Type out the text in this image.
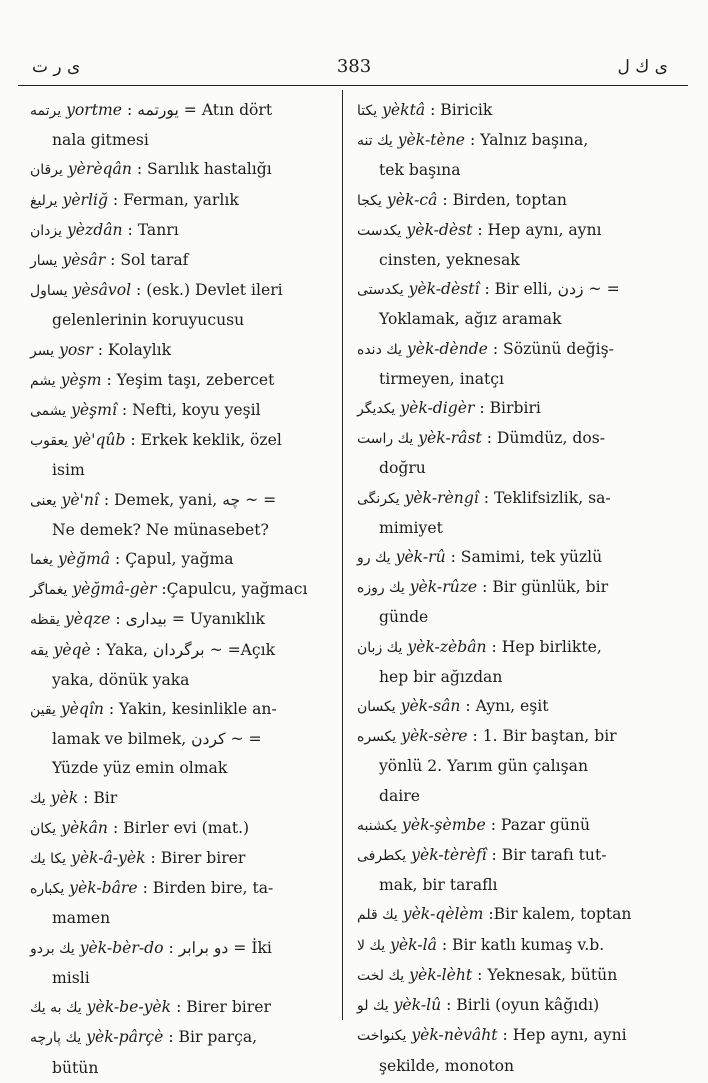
ی ر ت	383	ی ك ل
يرتمه yortme : يورتمه = Atın dört
nala gitmesi
يرقان yèrèqân : Sarılık hastalığı
يرليغ yèrliğ : Ferman, yarlık
يزدان yèzdân : Tanrı
يسار yèsâr : Sol taraf
يساول yèsâvol : (esk.) Devlet ileri
gelenlerinin koruyucusu
يسر yosr : Kolaylık
يشم yèşm : Yeşim taşı, zebercet
يشمى yèşmî : Nefti, koyu yeşil
يعقوب yè'qûb : Erkek keklik, özel
isim
يعنى yè'nî : Demek, yani, چه ~ =
Ne demek? Ne münasebet?
يغما yèğmâ : Çapul, yağma
يغماگر yèğmâ-gèr :Çapulcu, yağmacı
يقظه yèqze : بيدارى = Uyanıklık
يقه yèqè : Yaka, برگردان ~ =Açık
yaka, dönük yaka
يقين yèqîn : Yakin, kesinlikle an-
lamak ve bilmek, كردن ~ =
Yüzde yüz emin olmak
يك yèk : Bir
يكان yèkân : Birler evi (mat.)
يكا يك yèk-â-yèk : Birer birer
يكباره yèk-bâre : Birden bire, ta-
mamen
يك بردو yèk-bèr-do : دو برابر = İki
misli
يك به يك yèk-be-yèk : Birer birer
يك پارچه yèk-pârçè : Bir parça,
bütün
يكتا yèktâ : Biricik
يك تنه yèk-tène : Yalnız başına,
tek başına
يكجا yèk-câ : Birden, toptan
يكدست yèk-dèst : Hep aynı, aynı
cinsten, yeknesak
يكدستى yèk-dèstî : Bir elli, زدن ~ =
Yoklamak, ağız aramak
يك دنده yèk-dènde : Sözünü değiş-
tirmeyen, inatçı
يكديگر yèk-digèr : Birbiri
يك راست yèk-râst : Dümdüz, dos-
doğru
يكرنگى yèk-rèngî : Teklifsizlik, sa-
mimiyet
يك رو yèk-rû : Samimi, tek yüzlü
يك روزه yèk-rûze : Bir günlük, bir
günde
يك زبان yèk-zèbân : Hep birlikte,
hep bir ağızdan
يكسان yèk-sân : Aynı, eşit
يكسره yèk-sère : 1. Bir baştan, bir
yönlü 2. Yarım gün çalışan
daire
يكشنبه yèk-şèmbe : Pazar günü
يكطرفى yèk-tèrèfî : Bir tarafı tut-
mak, bir taraflı
يك قلم yèk-qèlèm :Bir kalem, toptan
يك لا yèk-lâ : Bir katlı kumaş v.b.
يك لخت yèk-lèht : Yeknesak, bütün
يك لو yèk-lû : Birli (oyun kâğıdı)
يكنواخت yèk-nèvâht : Hep aynı, ayni
şekilde, monoton
